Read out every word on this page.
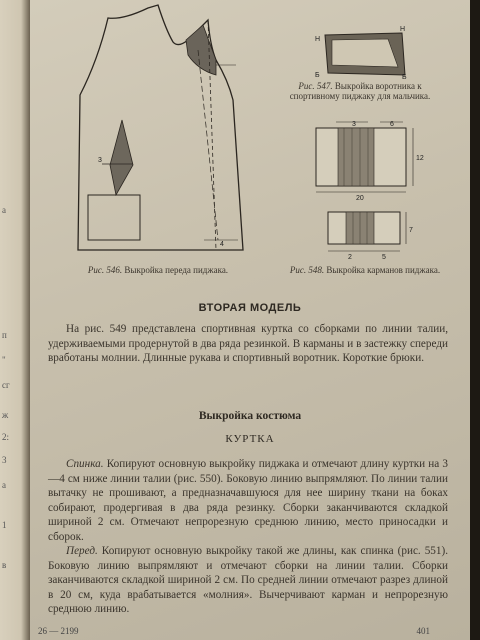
а
п
"
сг
ж
2:
3
а
1
в
3
4
Рис. 546. Выкройка переда пиджака.
Н
Н
Б	Б
Рис. 547. Выкройка воротника к спортивному пиджаку для мальчика.
3	6
12
20
7
5
2
Рис. 548. Выкройка карманов пиджака.
ВТОРАЯ МОДЕЛЬ
На рис. 549 представлена спортивная куртка со сборками по линии талии, удерживаемыми продернутой в два ряда резинкой. В карманы и в застежку спереди вработаны молнии. Длинные рукава и спортивный воротник. Короткие брюки.
Выкройка костюма
КУРТКА
Спинка. Копируют основную выкройку пиджака и отмечают длину куртки на 3—4 см ниже линии талии (рис. 550). Боковую линию выпрямляют. По линии талии вытачку не прошивают, а предназначавшуюся для нее ширину ткани на боках собирают, продергивая в два ряда резинку. Сборки заканчиваются складкой шириной 2 см. Отмечают непрорезную среднюю линию, место приносадки и сборок.
Перед. Копируют основную выкройку такой же длины, как спинка (рис. 551). Боковую линию выпрямляют и отмечают сборки на линии талии. Сборки заканчиваются складкой шириной 2 см. По средней линии отмечают разрез длиной в 20 см, куда врабатывается «молния». Вычерчивают карман и непрорезную среднюю линию.
26 — 2199	401
